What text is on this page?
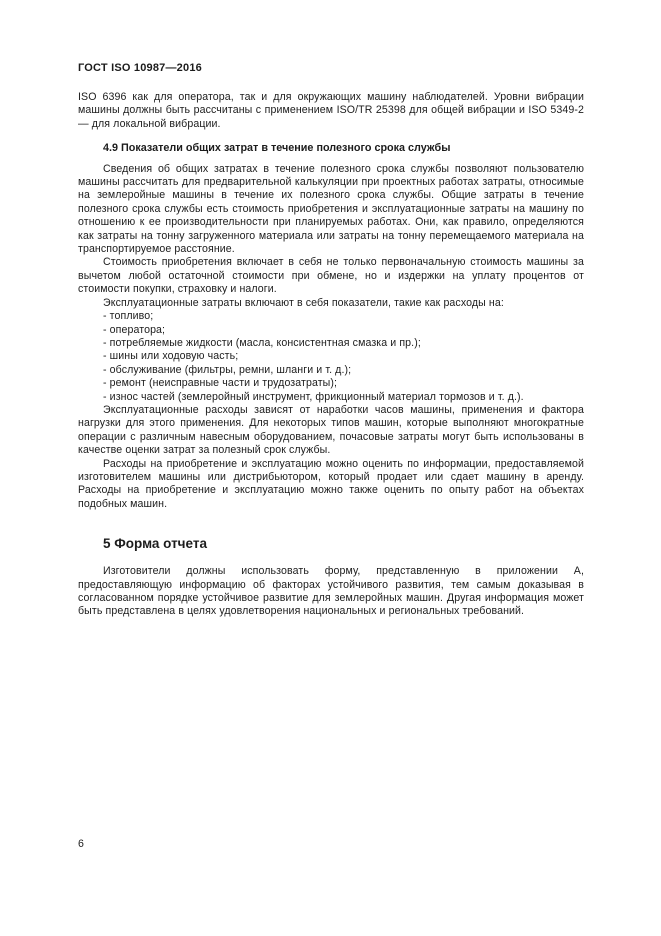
ГОСТ ISO 10987—2016

ISO 6396 как для оператора, так и для окружающих машину наблюдателей. Уровни вибрации машины должны быть рассчитаны с применением ISO/TR 25398 для общей вибрации и ISO 5349-2 — для локальной вибрации.

4.9 Показатели общих затрат в течение полезного срока службы

Сведения об общих затратах в течение полезного срока службы позволяют пользователю машины рассчитать для предварительной калькуляции при проектных работах затраты, относимые на землеройные машины в течение их полезного срока службы. Общие затраты в течение полезного срока службы есть стоимость приобретения и эксплуатационные затраты на машину по отношению к ее производительности при планируемых работах. Они, как правило, определяются как затраты на тонну загруженного материала или затраты на тонну перемещаемого материала на транспортируемое расстояние.

Стоимость приобретения включает в себя не только первоначальную стоимость машины за вычетом любой остаточной стоимости при обмене, но и издержки на уплату процентов от стоимости покупки, страховку и налоги.

Эксплуатационные затраты включают в себя показатели, такие как расходы на:

- топливо;
- оператора;
- потребляемые жидкости (масла, консистентная смазка и пр.);
- шины или ходовую часть;
- обслуживание (фильтры, ремни, шланги и т. д.);
- ремонт (неисправные части и трудозатраты);
- износ частей (землеройный инструмент, фрикционный материал тормозов и т. д.).

Эксплуатационные расходы зависят от наработки часов машины, применения и фактора нагрузки для этого применения. Для некоторых типов машин, которые выполняют многократные операции с различным навесным оборудованием, почасовые затраты могут быть использованы в качестве оценки затрат за полезный срок службы.

Расходы на приобретение и эксплуатацию можно оценить по информации, предоставляемой изготовителем машины или дистрибьютором, который продает или сдает машину в аренду. Расходы на приобретение и эксплуатацию можно также оценить по опыту работ на объектах подобных машин.

5 Форма отчета

Изготовители должны использовать форму, представленную в приложении А, предоставляющую информацию об факторах устойчивого развития, тем самым доказывая в согласованном порядке устойчивое развитие для землеройных машин. Другая информация может быть представлена в целях удовлетворения национальных и региональных требований.

6
